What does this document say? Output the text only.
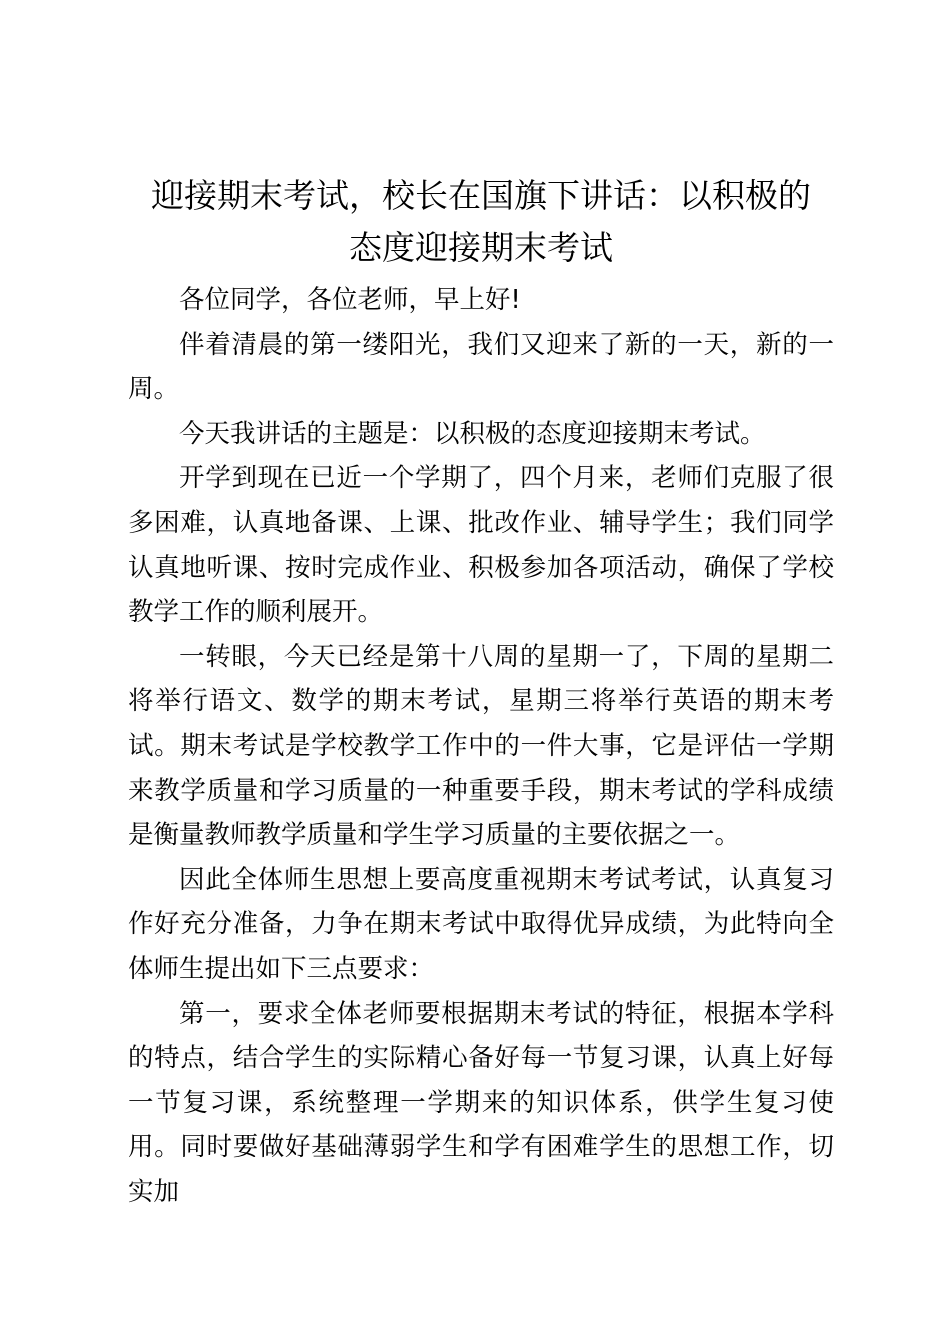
迎接期末考试，校长在国旗下讲话：以积极的
态度迎接期末考试

各位同学，各位老师，早上好!

伴着清晨的第一缕阳光，我们又迎来了新的一天，新的一周。

今天我讲话的主题是：以积极的态度迎接期末考试。

开学到现在已近一个学期了，四个月来，老师们克服了很多困难，认真地备课、上课、批改作业、辅导学生；我们同学认真地听课、按时完成作业、积极参加各项活动，确保了学校教学工作的顺利展开。

一转眼，今天已经是第十八周的星期一了，下周的星期二将举行语文、数学的期末考试，星期三将举行英语的期末考试。期末考试是学校教学工作中的一件大事，它是评估一学期来教学质量和学习质量的一种重要手段，期末考试的学科成绩是衡量教师教学质量和学生学习质量的主要依据之一。

因此全体师生思想上要高度重视期末考试考试，认真复习作好充分准备，力争在期末考试中取得优异成绩，为此特向全体师生提出如下三点要求：

第一，要求全体老师要根据期末考试的特征，根据本学科的特点，结合学生的实际精心备好每一节复习课，认真上好每一节复习课，系统整理一学期来的知识体系，供学生复习使用。同时要做好基础薄弱学生和学有困难学生的思想工作，切实加
